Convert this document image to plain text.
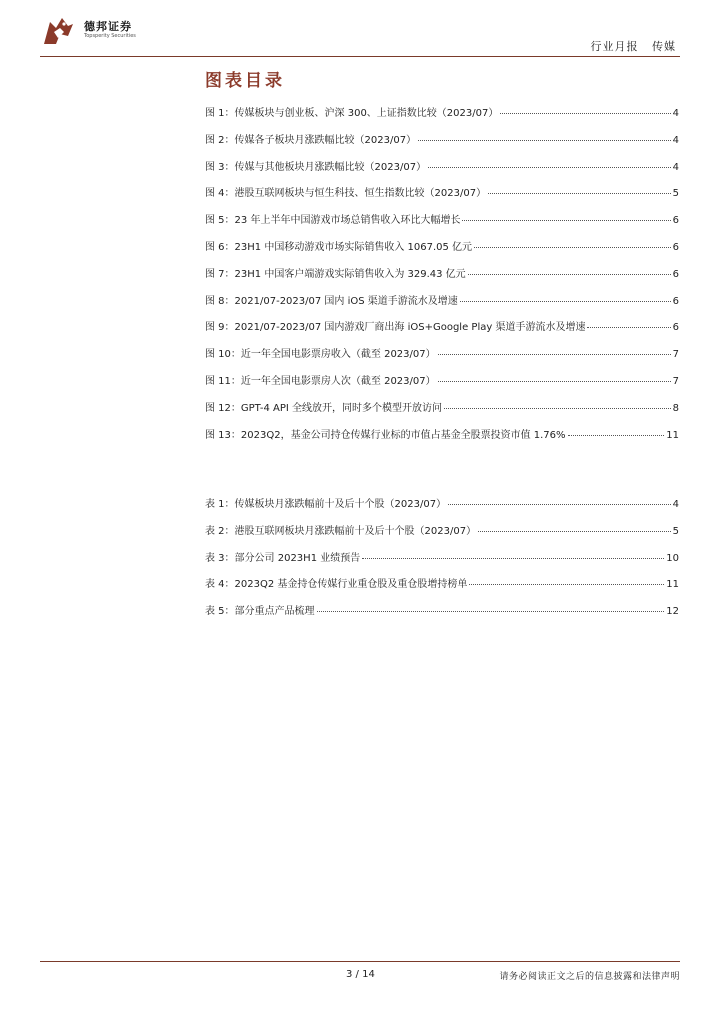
德邦证券
Topsperity Securities
行业月报 传媒
图表目录
图 1：传媒板块与创业板、沪深 300、上证指数比较（2023/07）	4
图 2：传媒各子板块月涨跌幅比较（2023/07）	4
图 3：传媒与其他板块月涨跌幅比较（2023/07）	4
图 4：港股互联网板块与恒生科技、恒生指数比较（2023/07）	5
图 5：23 年上半年中国游戏市场总销售收入环比大幅增长	6
图 6：23H1 中国移动游戏市场实际销售收入 1067.05 亿元	6
图 7：23H1 中国客户端游戏实际销售收入为 329.43 亿元	6
图 8：2021/07-2023/07 国内 iOS 渠道手游流水及增速	6
图 9：2021/07-2023/07 国内游戏厂商出海 iOS+Google Play 渠道手游流水及增速	6
图 10：近一年全国电影票房收入（截至 2023/07）	7
图 11：近一年全国电影票房人次（截至 2023/07）	7
图 12：GPT-4 API 全线放开，同时多个模型开放访问	8
图 13：2023Q2，基金公司持仓传媒行业标的市值占基金全股票投资市值 1.76%	11
表 1：传媒板块月涨跌幅前十及后十个股（2023/07）	4
表 2：港股互联网板块月涨跌幅前十及后十个股（2023/07）	5
表 3：部分公司 2023H1 业绩预告	10
表 4：2023Q2 基金持仓传媒行业重仓股及重仓股增持榜单	11
表 5：部分重点产品梳理	12
3 / 14	请务必阅读正文之后的信息披露和法律声明
